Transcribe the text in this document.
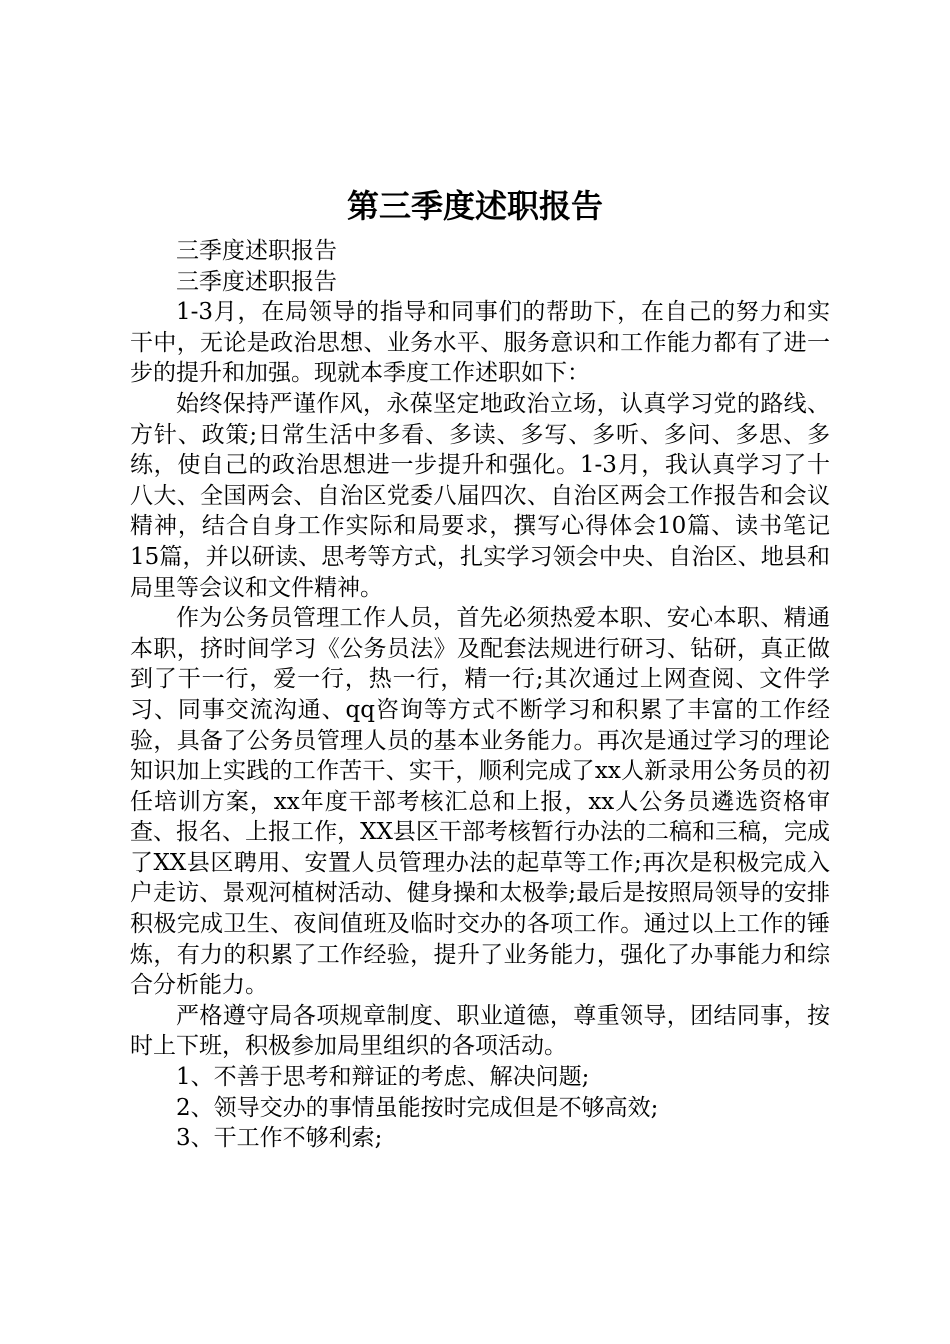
第三季度述职报告

三季度述职报告

三季度述职报告

1-3月，在局领导的指导和同事们的帮助下，在自己的努力和实干中，无论是政治思想、业务水平、服务意识和工作能力都有了进一步的提升和加强。现就本季度工作述职如下：

始终保持严谨作风，永葆坚定地政治立场，认真学习党的路线、方针、政策;日常生活中多看、多读、多写、多听、多问、多思、多练，使自己的政治思想进一步提升和强化。1-3月，我认真学习了十八大、全国两会、自治区党委八届四次、自治区两会工作报告和会议精神，结合自身工作实际和局要求，撰写心得体会10篇、读书笔记15篇，并以研读、思考等方式，扎实学习领会中央、自治区、地县和局里等会议和文件精神。

作为公务员管理工作人员，首先必须热爱本职、安心本职、精通本职，挤时间学习《公务员法》及配套法规进行研习、钻研，真正做到了干一行，爱一行，热一行，精一行;其次通过上网查阅、文件学习、同事交流沟通、qq咨询等方式不断学习和积累了丰富的工作经验，具备了公务员管理人员的基本业务能力。再次是通过学习的理论知识加上实践的工作苦干、实干，顺利完成了xx人新录用公务员的初任培训方案，xx年度干部考核汇总和上报，xx人公务员遴选资格审查、报名、上报工作，XX县区干部考核暂行办法的二稿和三稿，完成了XX县区聘用、安置人员管理办法的起草等工作;再次是积极完成入户走访、景观河植树活动、健身操和太极拳;最后是按照局领导的安排积极完成卫生、夜间值班及临时交办的各项工作。通过以上工作的锤炼，有力的积累了工作经验，提升了业务能力，强化了办事能力和综合分析能力。

严格遵守局各项规章制度、职业道德，尊重领导，团结同事，按时上下班，积极参加局里组织的各项活动。

1、不善于思考和辩证的考虑、解决问题;

2、领导交办的事情虽能按时完成但是不够高效;

3、干工作不够利索;
